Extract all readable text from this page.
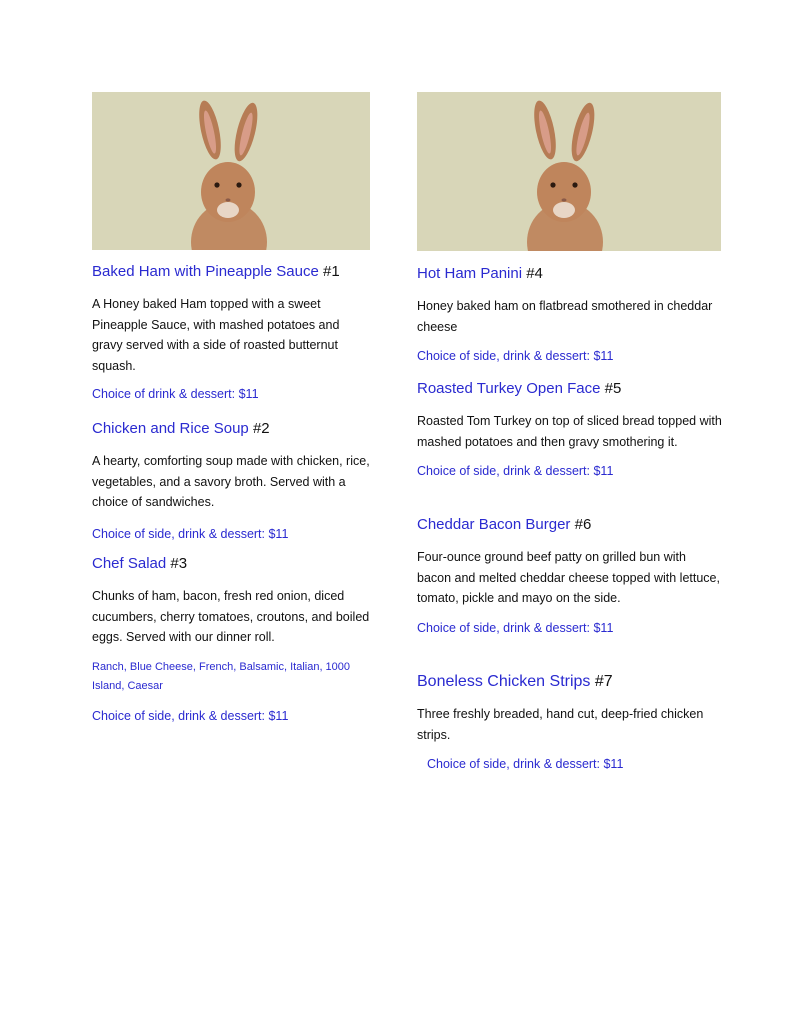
Baked Ham with Pineapple Sauce #1

A Honey baked Ham topped with a sweet Pineapple Sauce, with mashed potatoes and gravy served with a side of roasted butternut squash.

Choice of drink & dessert: $11

Chicken and Rice Soup #2

A hearty, comforting soup made with chicken, rice, vegetables, and a savory broth. Served with a choice of sandwiches.

Choice of side, drink & dessert: $11

Chef Salad #3

Chunks of ham, bacon, fresh red onion, diced cucumbers, cherry tomatoes, croutons, and boiled eggs. Served with our dinner roll.

Ranch, Blue Cheese, French, Balsamic, Italian, 1000 Island, Caesar

Choice of side, drink & dessert: $11

Hot Ham Panini #4

Honey baked ham on flatbread smothered in cheddar cheese

Choice of side, drink & dessert: $11

Roasted Turkey Open Face #5

Roasted Tom Turkey on top of sliced bread topped with mashed potatoes and then gravy smothering it.

Choice of side, drink & dessert: $11

Cheddar Bacon Burger #6

Four-ounce ground beef patty on grilled bun with bacon and melted cheddar cheese topped with lettuce, tomato, pickle and mayo on the side.

Choice of side, drink & dessert: $11

Boneless Chicken Strips #7

Three freshly breaded, hand cut, deep-fried chicken strips.

Choice of side, drink & dessert: $11
